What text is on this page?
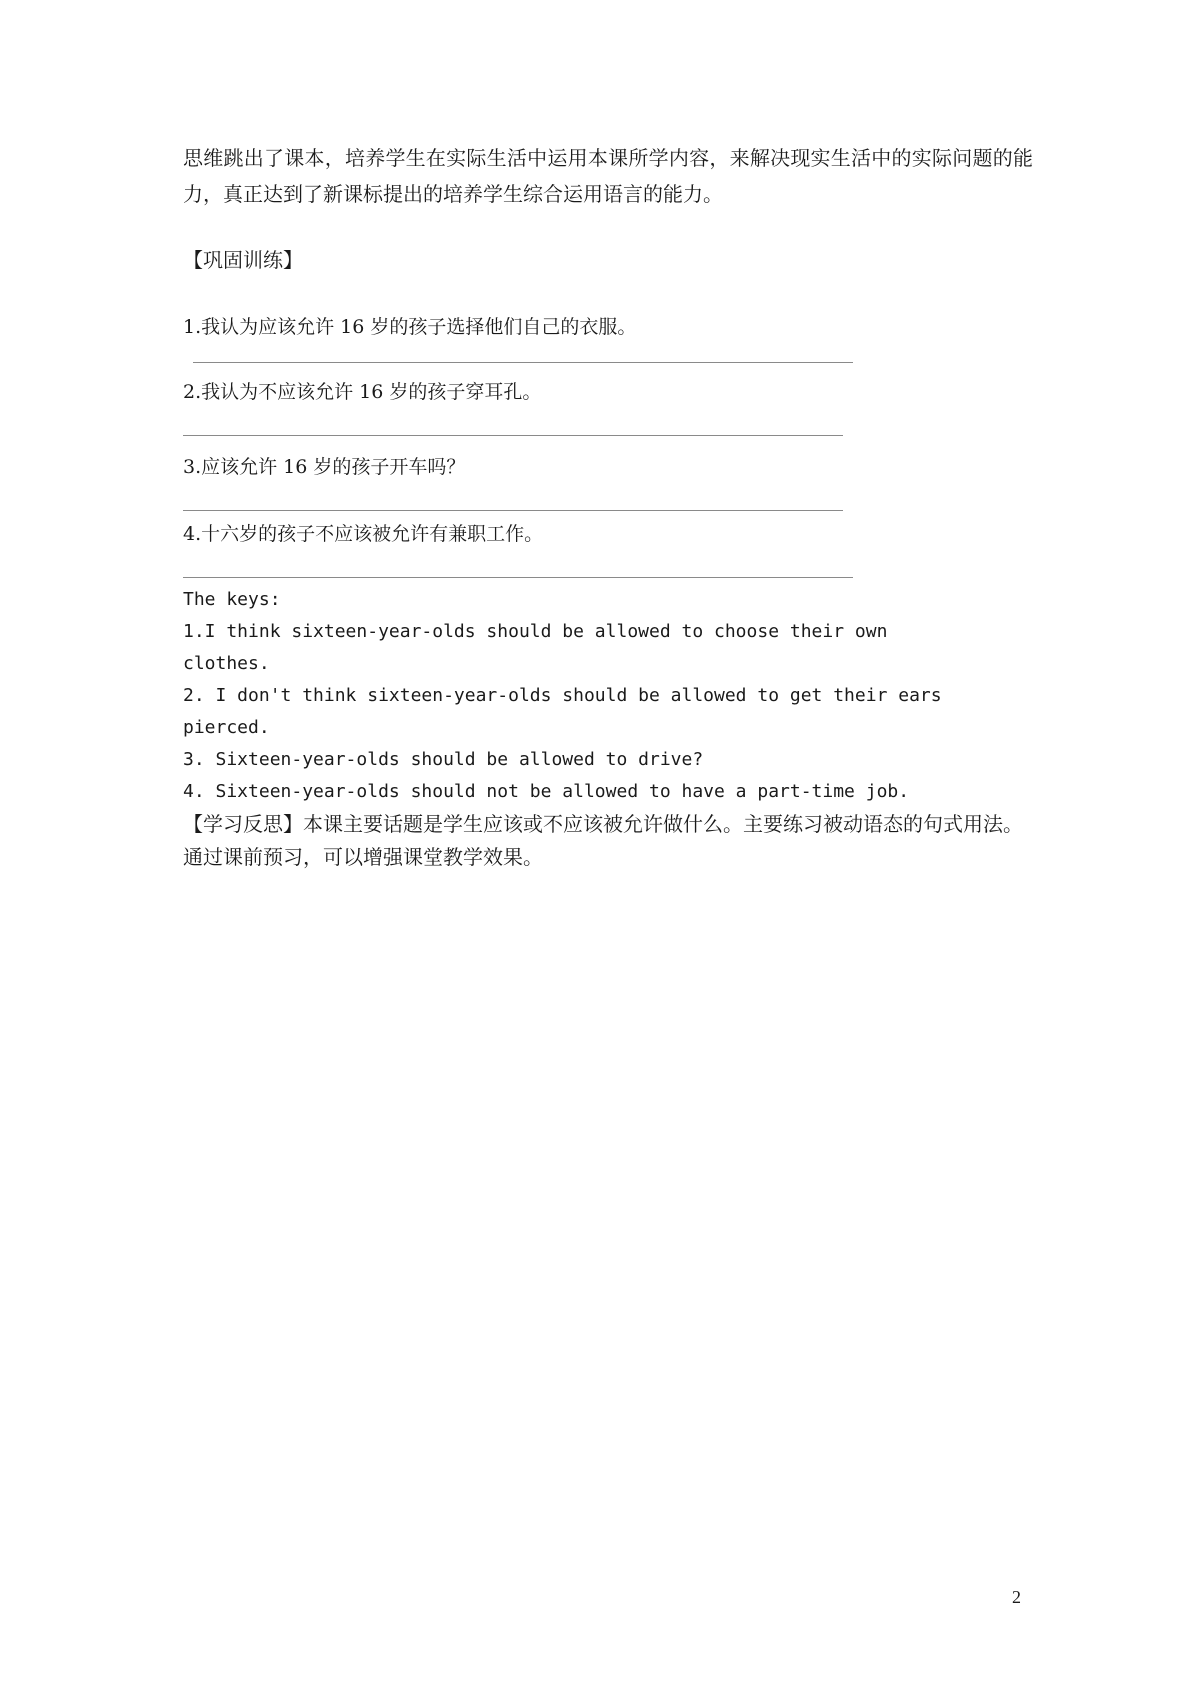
思维跳出了课本，培养学生在实际生活中运用本课所学内容，来解决现实生活中的实际问题的能力，真正达到了新课标提出的培养学生综合运用语言的能力。

【巩固训练】

1.我认为应该允许 16 岁的孩子选择他们自己的衣服。

2.我认为不应该允许 16 岁的孩子穿耳孔。

3.应该允许 16 岁的孩子开车吗？

4.十六岁的孩子不应该被允许有兼职工作。

The keys:

1.I think sixteen-year-olds should be allowed to choose their own clothes.

2. I don't think sixteen-year-olds should be allowed to get their ears pierced.

3. Sixteen-year-olds should be allowed to drive?

4. Sixteen-year-olds should not be allowed to have a part-time job.

【学习反思】本课主要话题是学生应该或不应该被允许做什么。主要练习被动语态的句式用法。通过课前预习，可以增强课堂教学效果。

2
